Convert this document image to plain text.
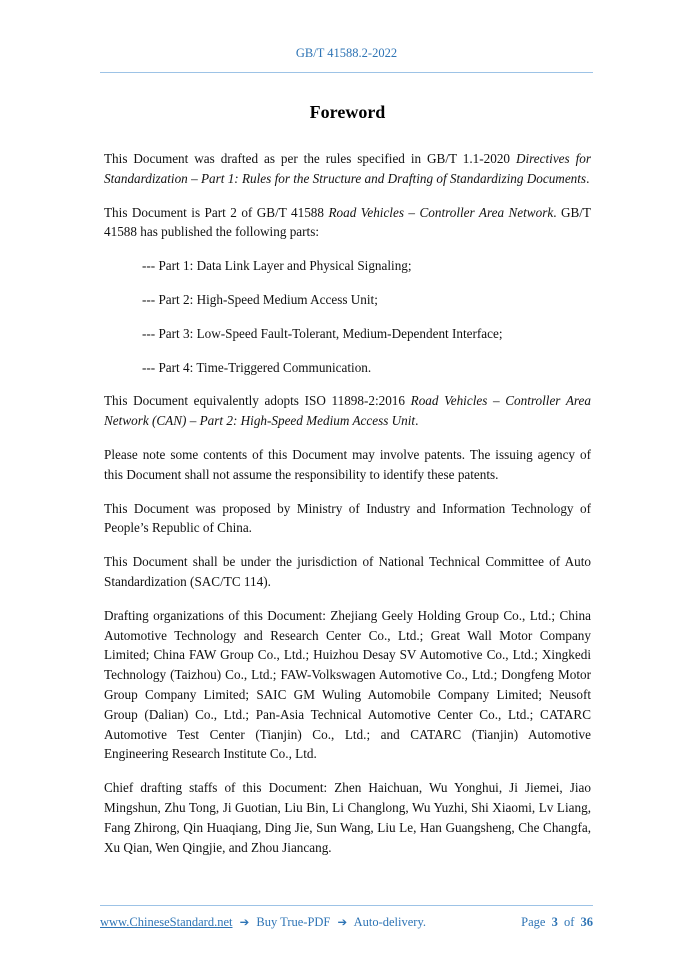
GB/T 41588.2-2022
Foreword

This Document was drafted as per the rules specified in GB/T 1.1-2020 Directives for Standardization – Part 1: Rules for the Structure and Drafting of Standardizing Documents.

This Document is Part 2 of GB/T 41588 Road Vehicles – Controller Area Network. GB/T 41588 has published the following parts:

--- Part 1: Data Link Layer and Physical Signaling;

--- Part 2: High-Speed Medium Access Unit;

--- Part 3: Low-Speed Fault-Tolerant, Medium-Dependent Interface;

--- Part 4: Time-Triggered Communication.

This Document equivalently adopts ISO 11898-2:2016 Road Vehicles – Controller Area Network (CAN) – Part 2: High-Speed Medium Access Unit.

Please note some contents of this Document may involve patents. The issuing agency of this Document shall not assume the responsibility to identify these patents.

This Document was proposed by Ministry of Industry and Information Technology of People’s Republic of China.

This Document shall be under the jurisdiction of National Technical Committee of Auto Standardization (SAC/TC 114).

Drafting organizations of this Document: Zhejiang Geely Holding Group Co., Ltd.; China Automotive Technology and Research Center Co., Ltd.; Great Wall Motor Company Limited; China FAW Group Co., Ltd.; Huizhou Desay SV Automotive Co., Ltd.; Xingkedi Technology (Taizhou) Co., Ltd.; FAW-Volkswagen Automotive Co., Ltd.; Dongfeng Motor Group Company Limited; SAIC GM Wuling Automobile Company Limited; Neusoft Group (Dalian) Co., Ltd.; Pan-Asia Technical Automotive Center Co., Ltd.; CATARC Automotive Test Center (Tianjin) Co., Ltd.; and CATARC (Tianjin) Automotive Engineering Research Institute Co., Ltd.

Chief drafting staffs of this Document: Zhen Haichuan, Wu Yonghui, Ji Jiemei, Jiao Mingshun, Zhu Tong, Ji Guotian, Liu Bin, Li Changlong, Wu Yuzhi, Shi Xiaomi, Lv Liang, Fang Zhirong, Qin Huaqiang, Ding Jie, Sun Wang, Liu Le, Han Guangsheng, Che Changfa, Xu Qian, Wen Qingjie, and Zhou Jiancang.

www.ChineseStandard.net ➔ Buy True-PDF ➔ Auto-delivery.	Page 3 of 36
